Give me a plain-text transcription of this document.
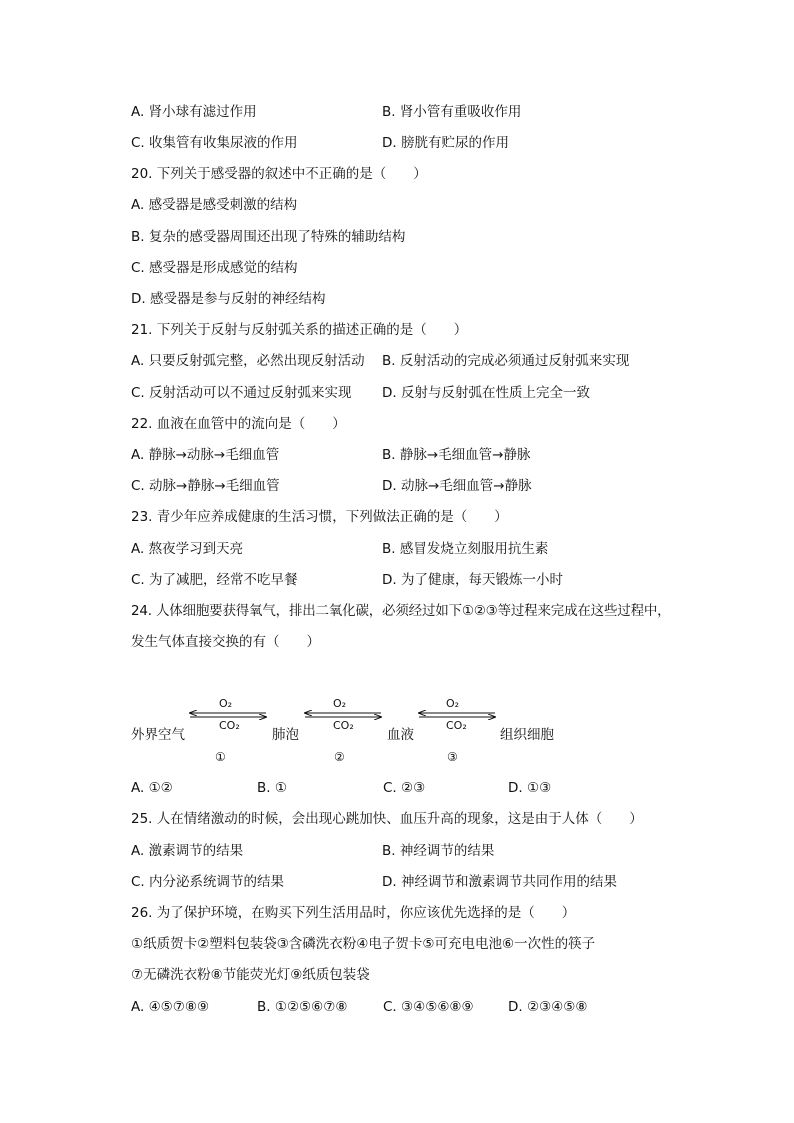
A. 肾小球有滤过作用	B. 肾小管有重吸收作用
C. 收集管有收集尿液的作用	D. 膀胱有贮尿的作用
20. 下列关于感受器的叙述中不正确的是（　　）
A. 感受器是感受刺激的结构
B. 复杂的感受器周围还出现了特殊的辅助结构
C. 感受器是形成感觉的结构
D. 感受器是参与反射的神经结构
21. 下列关于反射与反射弧关系的描述正确的是（　　）
A. 只要反射弧完整，必然出现反射活动 B. 反射活动的完成必须通过反射弧来实现
C. 反射活动可以不通过反射弧来实现 D. 反射与反射弧在性质上完全一致
22. 血液在血管中的流向是（　　）
A. 静脉→动脉→毛细血管	B. 静脉→毛细血管→静脉
C. 动脉→静脉→毛细血管	D. 动脉→毛细血管→静脉
23. 青少年应养成健康的生活习惯，下列做法正确的是（　　）
A. 熬夜学习到天亮	B. 感冒发烧立刻服用抗生素
C. 为了减肥，经常不吃早餐	D. 为了健康，每天锻炼一小时
24. 人体细胞要获得氧气，排出二氧化碳，必须经过如下①②③等过程来完成在这些过程中，
发生气体直接交换的有（　　）
O₂
CO₂
O₂
CO₂
O₂
CO₂
外界空气	肺泡	血液	组织细胞
①	②	③
A. ①②	B. ①	C. ②③	D. ①③
25. 人在情绪激动的时候，会出现心跳加快、血压升高的现象，这是由于人体（　　）
A. 激素调节的结果	B. 神经调节的结果
C. 内分泌系统调节的结果	D. 神经调节和激素调节共同作用的结果
26. 为了保护环境，在购买下列生活用品时，你应该优先选择的是（　　）
①纸质贺卡②塑料包装袋③含磷洗衣粉④电子贺卡⑤可充电电池⑥一次性的筷子
⑦无磷洗衣粉⑧节能荧光灯⑨纸质包装袋
A. ④⑤⑦⑧⑨	B. ①②⑤⑥⑦⑧	C. ③④⑤⑥⑧⑨	D. ②③④⑤⑧
